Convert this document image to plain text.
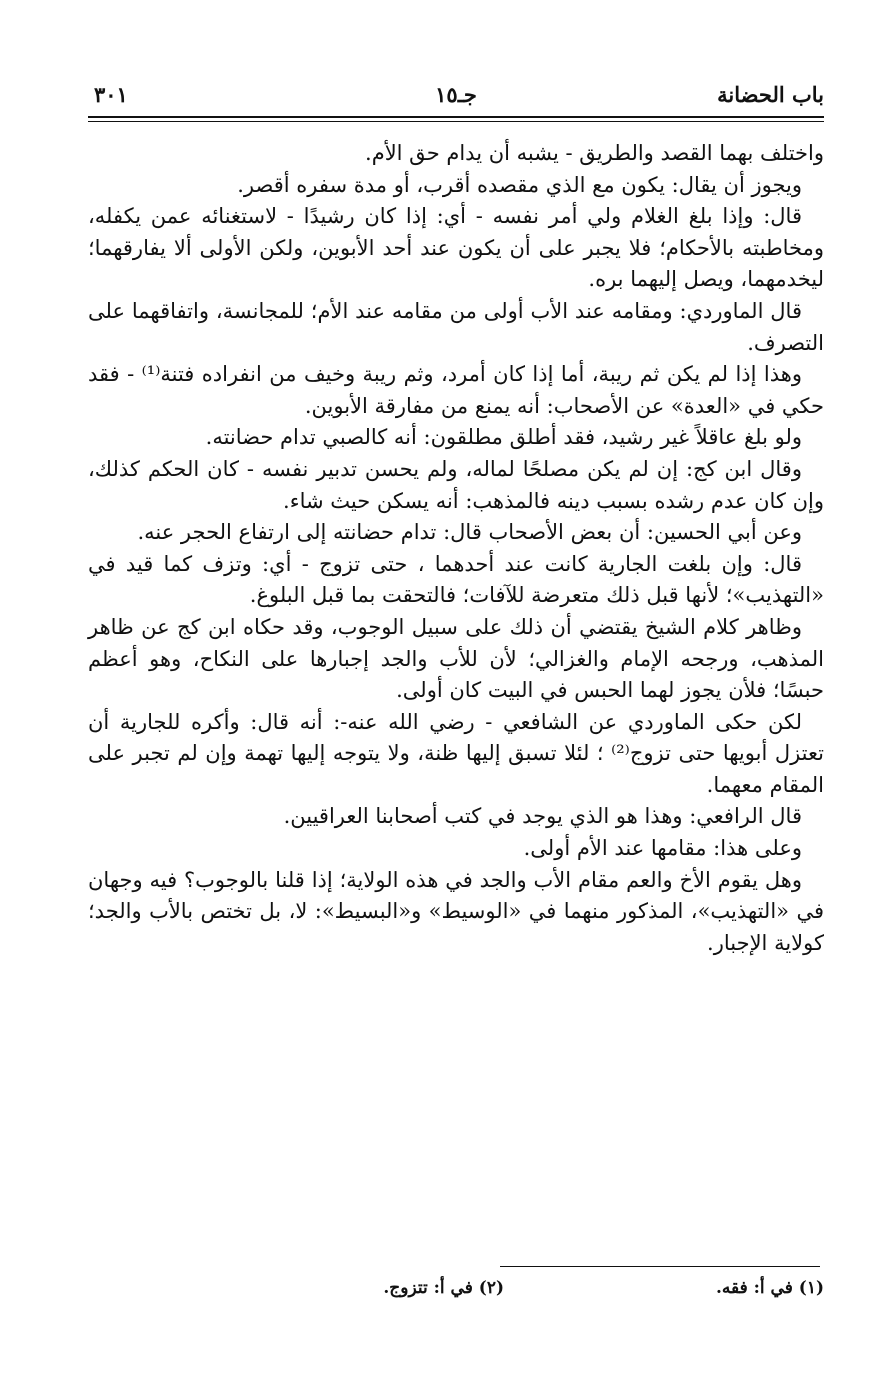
باب الحضانة
جـ١٥
٣٠١

واختلف بهما القصد والطريق - يشبه أن يدام حق الأم.

ويجوز أن يقال: يكون مع الذي مقصده أقرب، أو مدة سفره أقصر.

قال: وإذا بلغ الغلام ولي أمر نفسه - أي: إذا كان رشيدًا - لاستغنائه عمن يكفله، ومخاطبته بالأحكام؛ فلا يجبر على أن يكون عند أحد الأبوين، ولكن الأولى ألا يفارقهما؛ ليخدمهما، ويصل إليهما بره.

قال الماوردي: ومقامه عند الأب أولى من مقامه عند الأم؛ للمجانسة، واتفاقهما على التصرف.

وهذا إذا لم يكن ثم ريبة، أما إذا كان أمرد، وثم ريبة وخيف من انفراده فتنة⁽¹⁾ - فقد حكي في «العدة» عن الأصحاب: أنه يمنع من مفارقة الأبوين.

ولو بلغ عاقلاً غير رشيد، فقد أطلق مطلقون: أنه كالصبي تدام حضانته.

وقال ابن كج: إن لم يكن مصلحًا لماله، ولم يحسن تدبير نفسه - كان الحكم كذلك، وإن كان عدم رشده بسبب دينه فالمذهب: أنه يسكن حيث شاء.

وعن أبي الحسين: أن بعض الأصحاب قال: تدام حضانته إلى ارتفاع الحجر عنه.

قال: وإن بلغت الجارية كانت عند أحدهما ، حتى تزوج - أي: وتزف كما قيد في «التهذيب»؛ لأنها قبل ذلك متعرضة للآفات؛ فالتحقت بما قبل البلوغ.

وظاهر كلام الشيخ يقتضي أن ذلك على سبيل الوجوب، وقد حكاه ابن كج عن ظاهر المذهب، ورجحه الإمام والغزالي؛ لأن للأب والجد إجبارها على النكاح، وهو أعظم حبسًا؛ فلأن يجوز لهما الحبس في البيت كان أولى.

لكن حكى الماوردي عن الشافعي - رضي الله عنه-: أنه قال: وأكره للجارية أن تعتزل أبويها حتى تزوج⁽²⁾ ؛ لئلا تسبق إليها ظنة، ولا يتوجه إليها تهمة وإن لم تجبر على المقام معهما.

قال الرافعي: وهذا هو الذي يوجد في كتب أصحابنا العراقيين.

وعلى هذا: مقامها عند الأم أولى.

وهل يقوم الأخ والعم مقام الأب والجد في هذه الولاية؛ إذا قلنا بالوجوب؟ فيه وجهان في «التهذيب»، المذكور منهما في «الوسيط» و«البسيط»: لا، بل تختص بالأب والجد؛ كولاية الإجبار.

(١) في أ: فقه.
(٢) في أ: تتزوج.
